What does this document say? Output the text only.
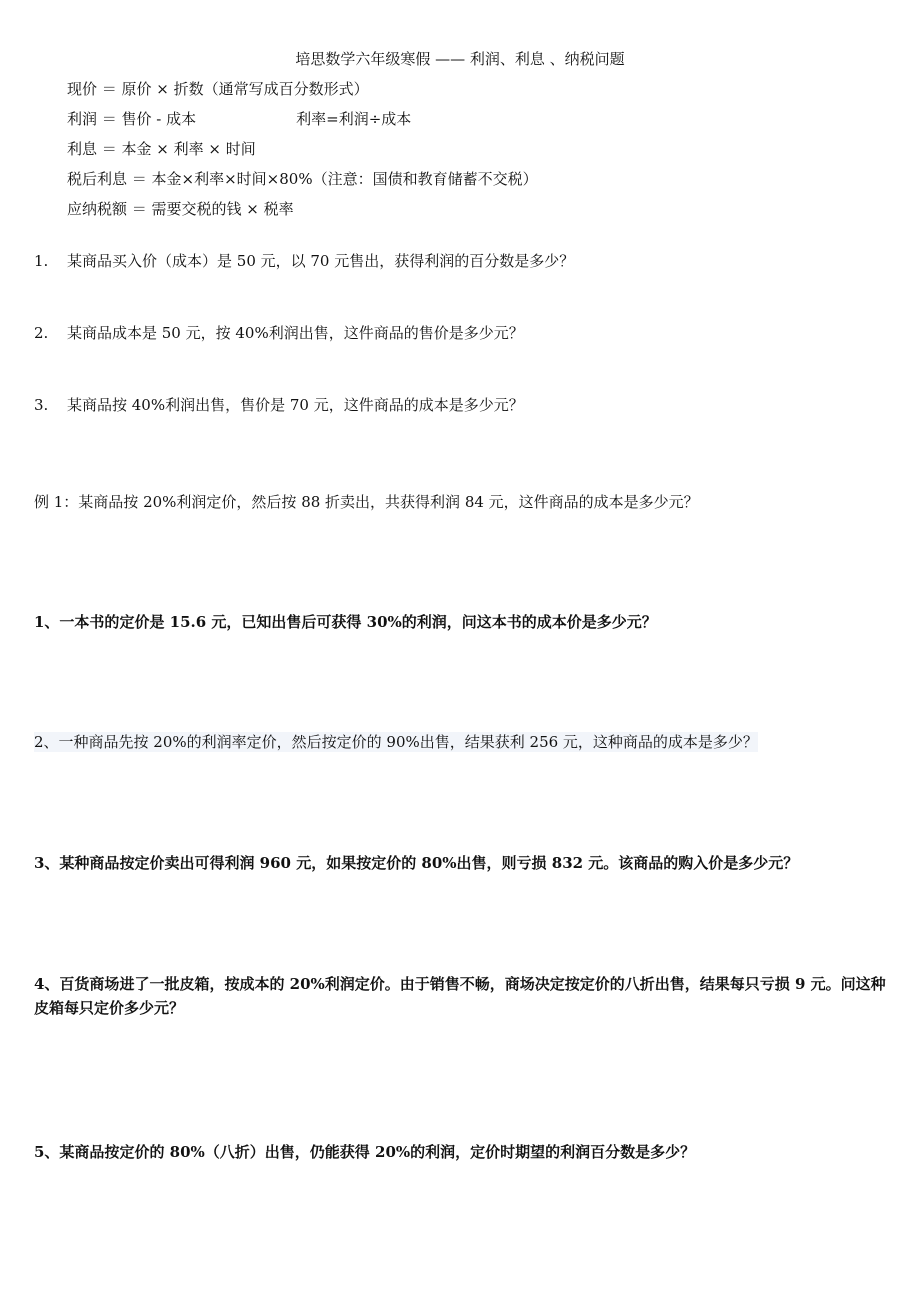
培思数学六年级寒假 —— 利润、利息 、纳税问题
现价 ＝ 原价 × 折数（通常写成百分数形式）
利润 ＝ 售价 - 成本	利率=利润÷成本
利息 ＝ 本金 × 利率 × 时间
税后利息 ＝ 本金×利率×时间×80%（注意：国债和教育储蓄不交税）
应纳税额 ＝ 需要交税的钱 × 税率
1. 某商品买入价（成本）是 50 元，以 70 元售出，获得利润的百分数是多少？
2. 某商品成本是 50 元，按 40%利润出售，这件商品的售价是多少元？
3. 某商品按 40%利润出售，售价是 70 元，这件商品的成本是多少元？
例 1：某商品按 20%利润定价，然后按 88 折卖出，共获得利润 84 元，这件商品的成本是多少元？
1、一本书的定价是 15.6 元，已知出售后可获得 30%的利润，问这本书的成本价是多少元？
2、一种商品先按 20%的利润率定价，然后按定价的 90%出售，结果获利 256 元，这种商品的成本是多少？
3、某种商品按定价卖出可得利润 960 元，如果按定价的 80%出售，则亏损 832 元。该商品的购入价是多少元？
4、百货商场进了一批皮箱，按成本的 20%利润定价。由于销售不畅，商场决定按定价的八折出售，结果每只亏损 9 元。问这种皮箱每只定价多少元？
5、某商品按定价的 80%（八折）出售，仍能获得 20%的利润，定价时期望的利润百分数是多少？
